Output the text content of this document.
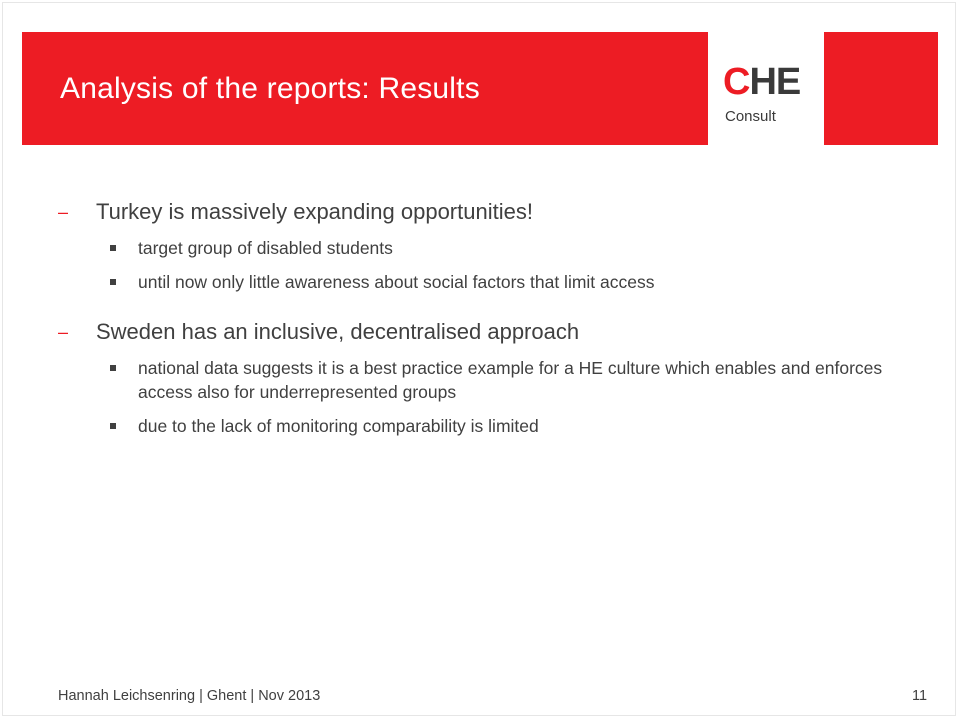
Analysis of the reports: Results	CHE
Consult
– Turkey is massively expanding opportunities!
target group of disabled students
until now only little awareness about social factors that limit access
– Sweden has an inclusive, decentralised approach
national data suggests it is a best practice example for a HE culture which enables and enforces access also for underrepresented groups
due to the lack of monitoring comparability is limited
Hannah Leichsenring | Ghent | Nov 2013	11
